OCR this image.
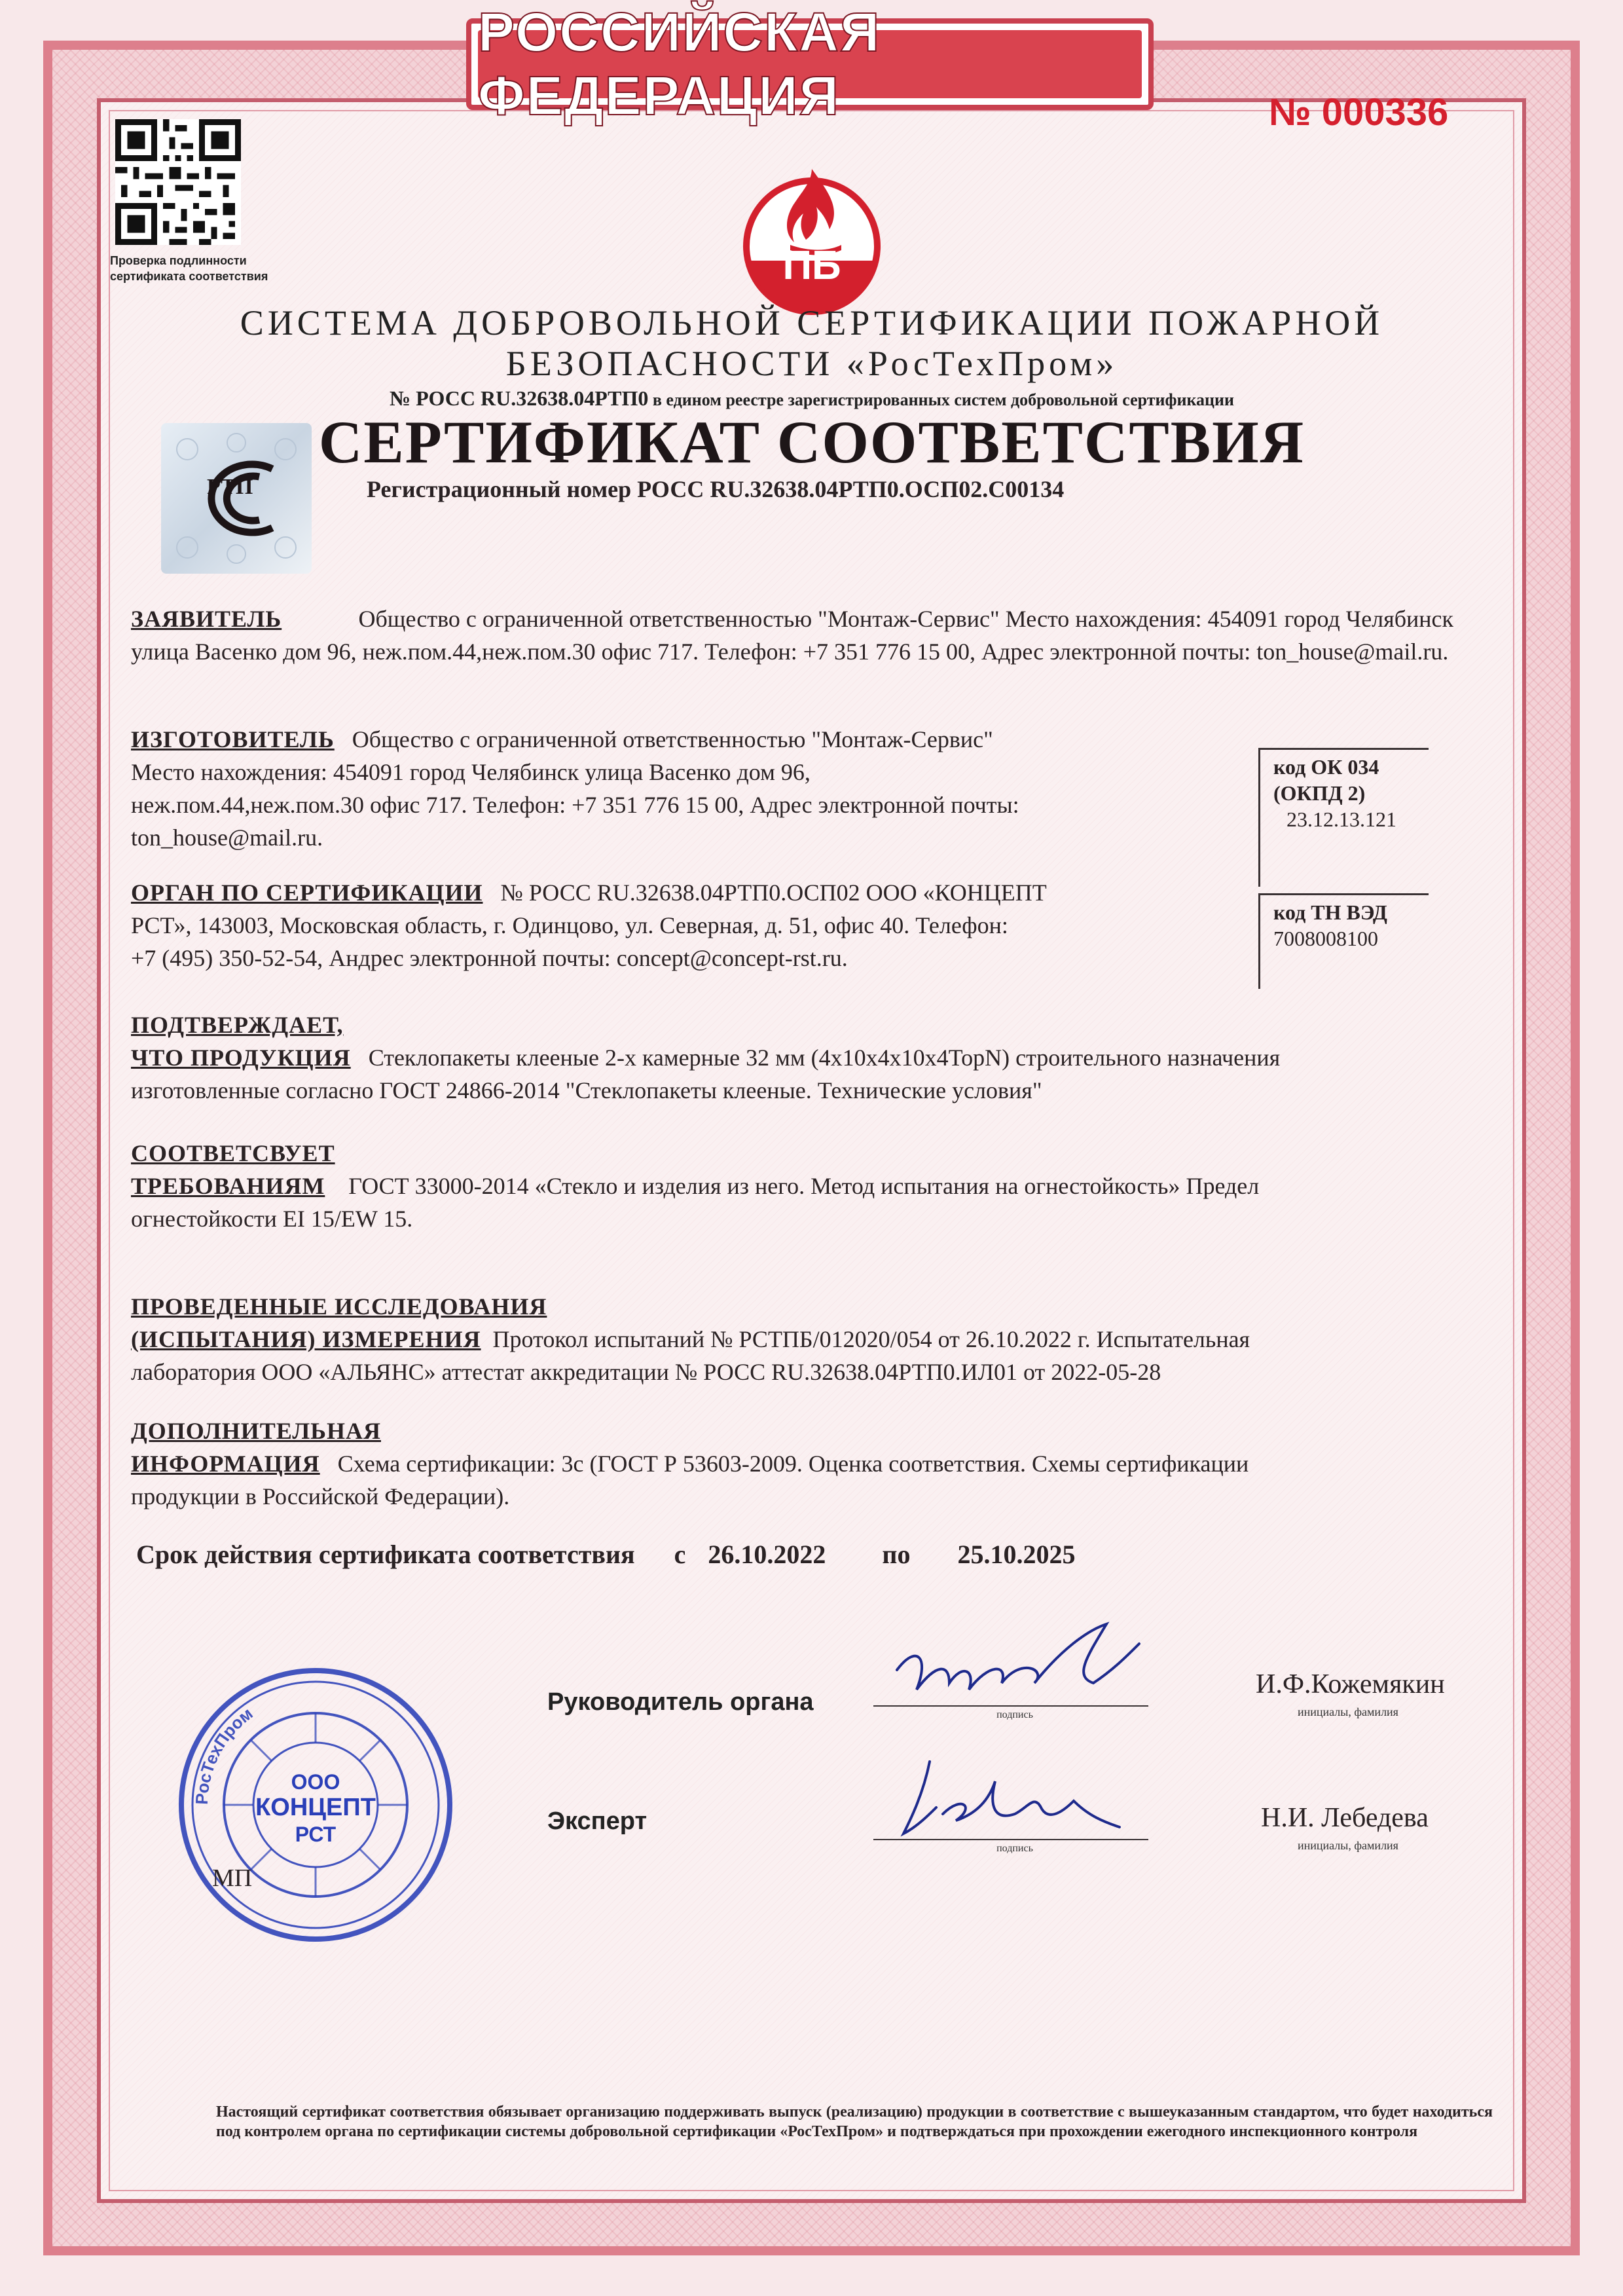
РОССИЙСКАЯ ФЕДЕРАЦИЯ	№ 000336
Проверка подлинности сертификата соответствия	ПБ
СИСТЕМА ДОБРОВОЛЬНОЙ СЕРТИФИКАЦИИ ПОЖАРНОЙ
БЕЗОПАСНОСТИ «РосТехПром»
№ РОСС RU.32638.04РТП0 в едином реестре зарегистрированных систем добровольной сертификации
РТП
СЕРТИФИКАТ СООТВЕТСТВИЯ
Регистрационный номер РОСС RU.32638.04РТП0.ОСП02.С00134
ЗАЯВИТЕЛЬ	Общество с ограниченной ответственностью "Монтаж-Сервис" Место нахождения: 454091 город Челябинск улица Васенко дом 96, неж.пом.44,неж.пом.30 офис 717. Телефон: +7 351 776 15 00, Адрес электронной почты: ton_house@mail.ru.
ИЗГОТОВИТЕЛЬ Общество с ограниченной ответственностью "Монтаж-Сервис"
Место нахождения: 454091 город Челябинск улица Васенко дом 96,
неж.пом.44,неж.пом.30 офис 717. Телефон: +7 351 776 15 00, Адрес электронной почты:
ton_house@mail.ru.
код ОК 034
(ОКПД 2)
23.12.13.121
ОРГАН ПО СЕРТИФИКАЦИИ № РОСС RU.32638.04РТП0.ОСП02 ООО «КОНЦЕПТ
РСТ», 143003, Московская область, г. Одинцово, ул. Северная, д. 51, офис 40. Телефон:
+7 (495) 350-52-54, Андрес электронной почты: concept@concept-rst.ru.
код ТН ВЭД
7008008100
ПОДТВЕРЖДАЕТ,
ЧТО ПРОДУКЦИЯ Стеклопакеты клееные 2-х камерные 32 мм (4х10х4х10х4TopN) строительного назначения
изготовленные согласно ГОСТ 24866-2014 "Стеклопакеты клееные. Технические условия"
СООТВЕТСВУЕТ
ТРЕБОВАНИЯМ ГОСТ 33000-2014 «Стекло и изделия из него. Метод испытания на огнестойкость» Предел
огнестойкости EI 15/EW 15.
ПРОВЕДЕННЫЕ ИССЛЕДОВАНИЯ
(ИСПЫТАНИЯ) ИЗМЕРЕНИЯ Протокол испытаний № РСТПБ/012020/054 от 26.10.2022 г. Испытательная
лаборатория ООО «АЛЬЯНС» аттестат аккредитации № РОСС RU.32638.04РТП0.ИЛ01 от 2022-05-28
ДОПОЛНИТЕЛЬНАЯ
ИНФОРМАЦИЯ Схема сертификации: 3с (ГОСТ Р 53603-2009. Оценка соответствия. Схемы сертификации
продукции в Российской Федерации).
Срок действия сертификата соответствия с 26.10.2022 по 25.10.2025
Руководитель органа	подпись
И.Ф.Кожемякин
инициалы, фамилия
Эксперт
подпись
Н.И. Лебедева
инициалы, фамилия
РосТехПром
ООО
КОНЦЕПТ
РСТ
МП
Настоящий сертификат соответствия обязывает организацию поддерживать выпуск (реализацию) продукции в соответствие с вышеуказанным стандартом, что будет находиться под контролем органа по сертификации системы добровольной сертификации «РосТехПром» и подтверждаться при прохождении ежегодного инспекционного контроля
